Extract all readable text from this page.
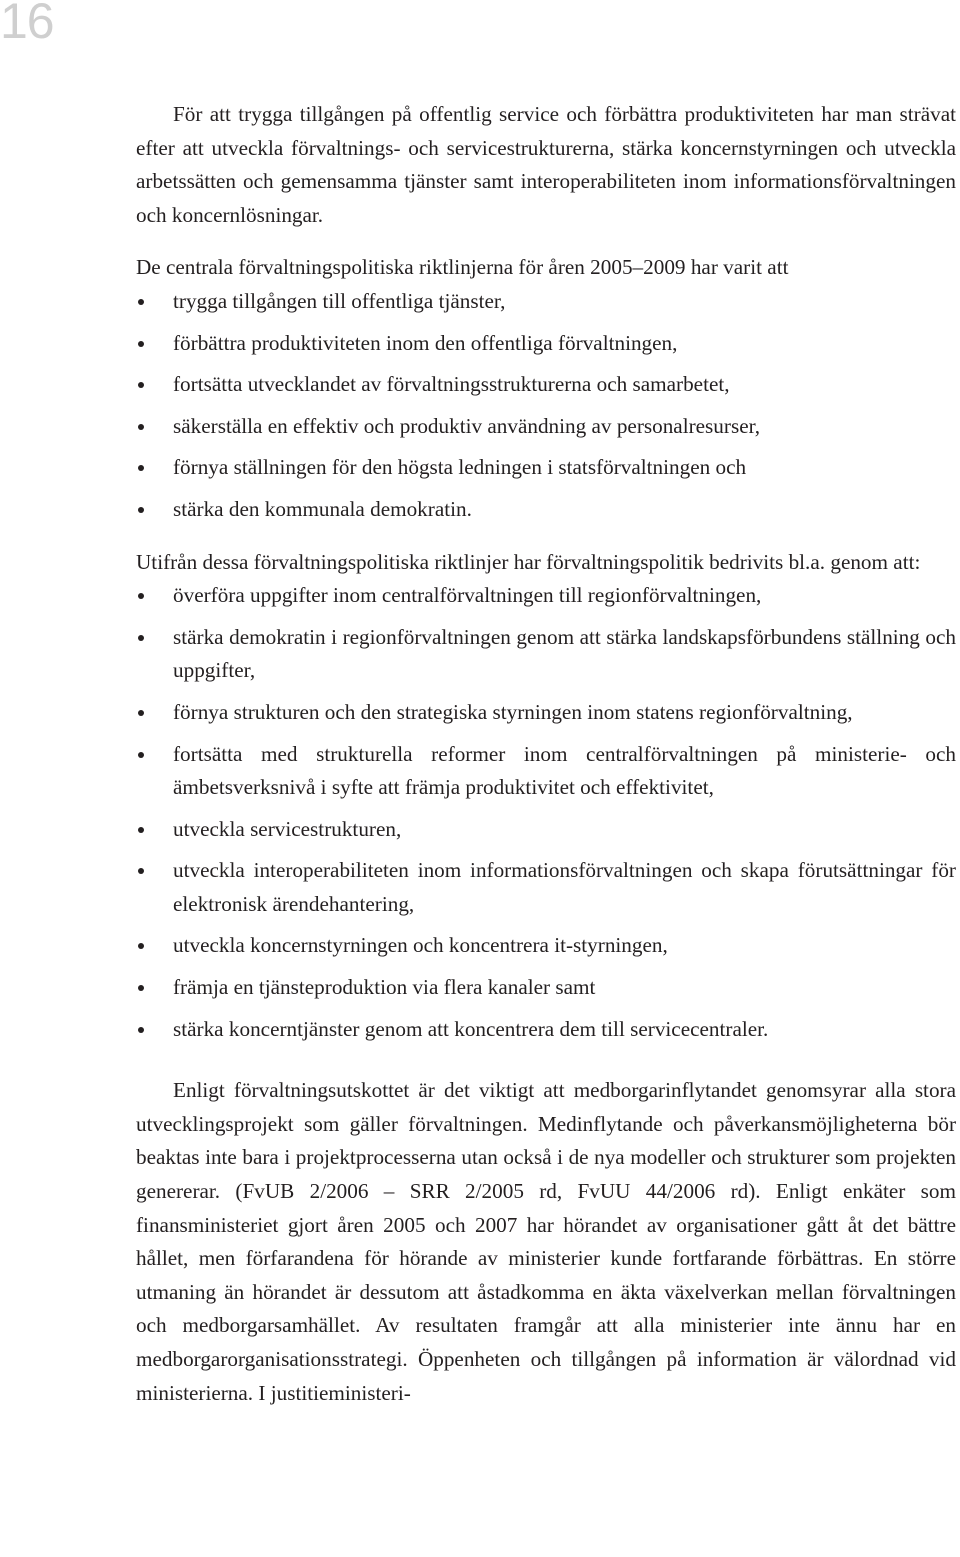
16

För att trygga tillgången på offentlig service och förbättra produktiviteten har man strävat efter att utveckla förvaltnings- och servicestrukturerna, stärka koncernstyrningen och utveckla arbetssätten och gemensamma tjänster samt interoperabiliteten inom informationsförvaltningen och koncernlösningar.

De centrala förvaltningspolitiska riktlinjerna för åren 2005–2009 har varit att

trygga tillgången till offentliga tjänster,
förbättra produktiviteten inom den offentliga förvaltningen,
fortsätta utvecklandet av förvaltningsstrukturerna och samarbetet,
säkerställa en effektiv och produktiv användning av personalresurser,
förnya ställningen för den högsta ledningen i statsförvaltningen och
stärka den kommunala demokratin.

Utifrån dessa förvaltningspolitiska riktlinjer har förvaltningspolitik bedrivits bl.a. genom att:

överföra uppgifter inom centralförvaltningen till regionförvaltningen,
stärka demokratin i regionförvaltningen genom att stärka landskapsförbundens ställning och uppgifter,
förnya strukturen och den strategiska styrningen inom statens regionförvaltning,
fortsätta med strukturella reformer inom centralförvaltningen på ministerie- och ämbetsverksnivå i syfte att främja produktivitet och effektivitet,
utveckla servicestrukturen,
utveckla interoperabiliteten inom informationsförvaltningen och skapa förutsättningar för elektronisk ärendehantering,
utveckla koncernstyrningen och koncentrera it-styrningen,
främja en tjänsteproduktion via flera kanaler samt
stärka koncerntjänster genom att koncentrera dem till servicecentraler.

Enligt förvaltningsutskottet är det viktigt att medborgarinflytandet genomsyrar alla stora utvecklingsprojekt som gäller förvaltningen. Medinflytande och påverkansmöjligheterna bör beaktas inte bara i projektprocesserna utan också i de nya modeller och strukturer som projekten genererar. (FvUB 2/2006 – SRR 2/2005 rd, FvUU 44/2006 rd). Enligt enkäter som finansministeriet gjort åren 2005 och 2007 har hörandet av organisationer gått åt det bättre hållet, men förfarandena för hörande av ministerier kunde fortfarande förbättras. En större utmaning än hörandet är dessutom att åstadkomma en äkta växelverkan mellan förvaltningen och medborgarsamhället. Av resultaten framgår att alla ministerier inte ännu har en medborgarorganisationsstrategi. Öppenheten och tillgången på information är välordnad vid ministerierna. I justitieministeri-
